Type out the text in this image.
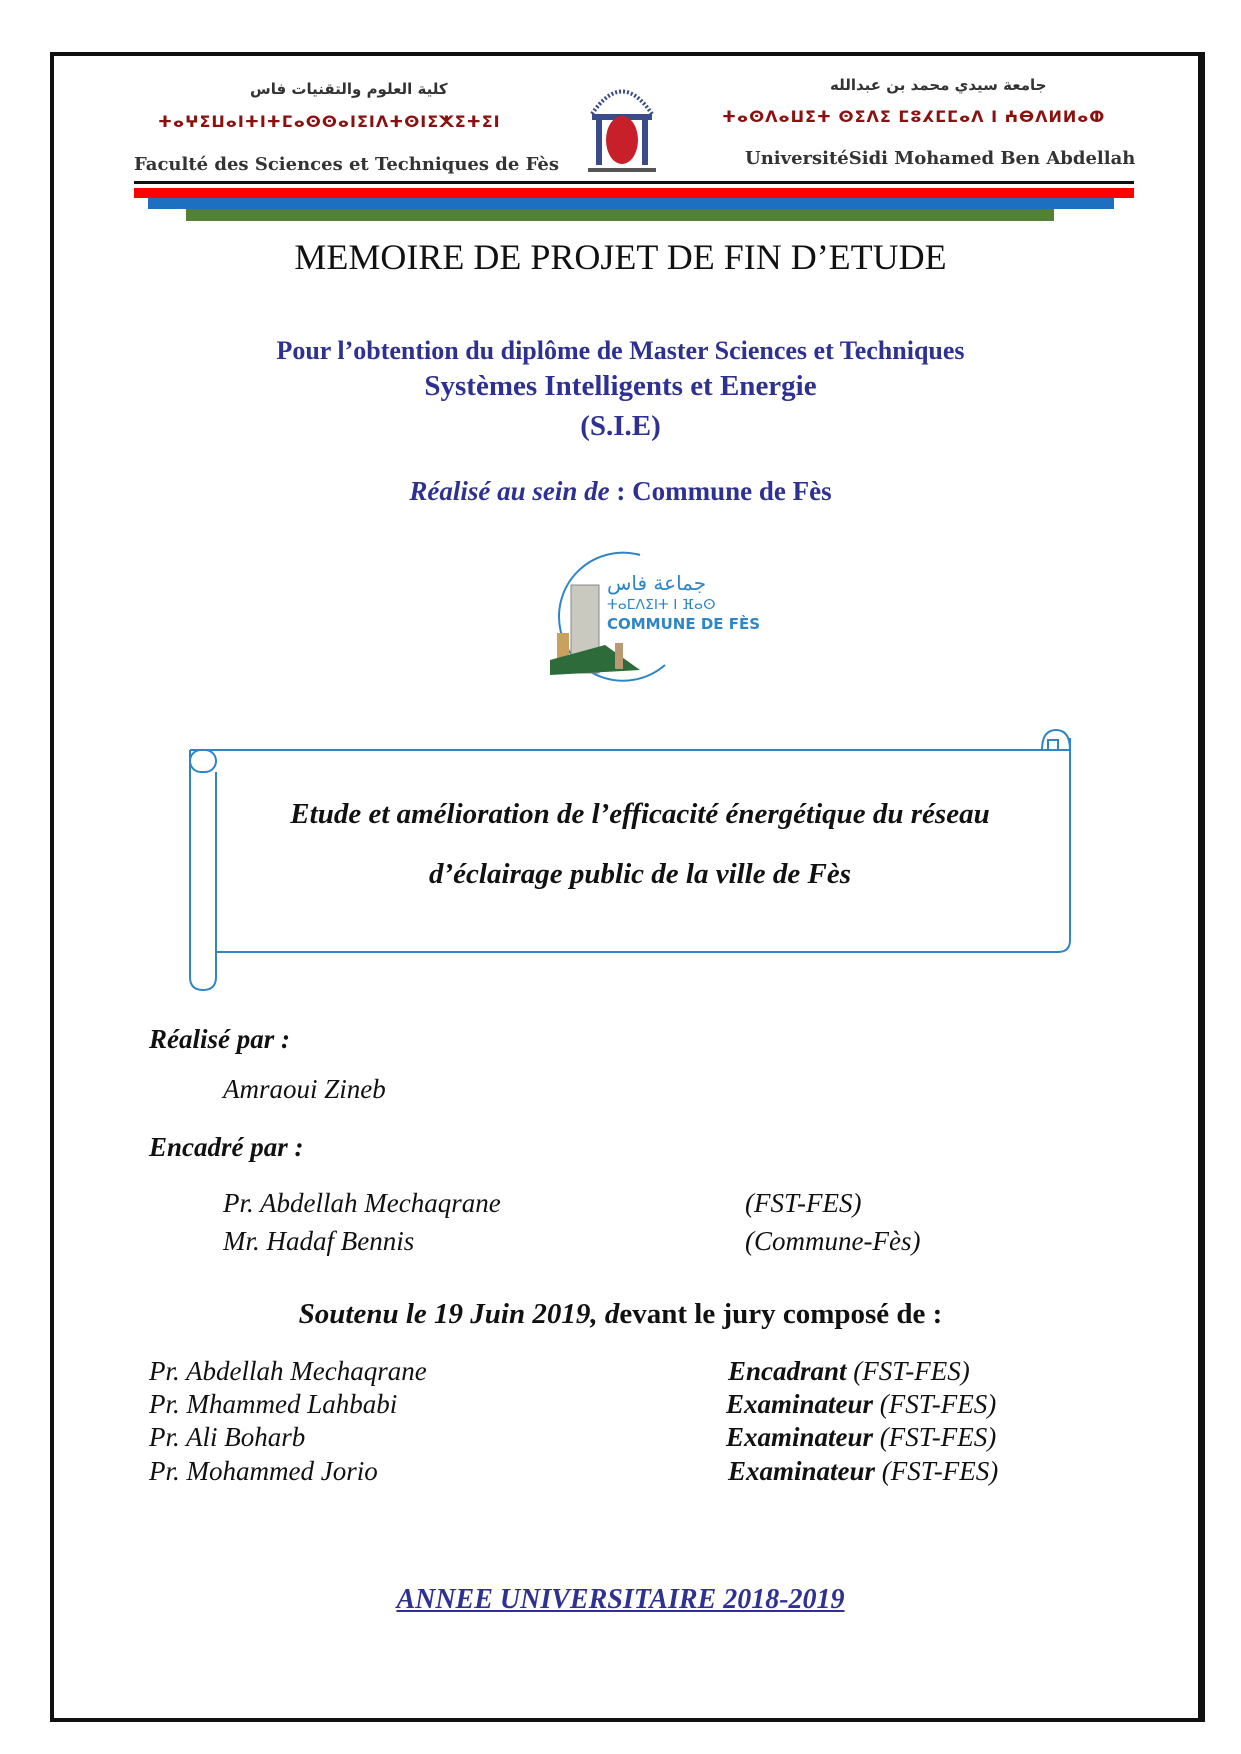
كلية العلوم والتقنيات فاس
ⵜⴰⵖⵉⵡⴰⵏⵜⵏⵜⵎⴰⵙⵙⴰⵏⵉⵏⴷⵜⵙⵏⵉⵅⵉⵜⵉⵏ
Faculté des Sciences et Techniques de Fès
جامعة سيدي محمد بن عبدالله
ⵜⴰⵙⴷⴰⵡⵉⵜ ⵙⵉⴷⵉ ⵎⵓⵃⵎⵎⴰⴷ ⵏ ⵄⴱⴷⵍⵍⴰⵀ
UniversitéSidi Mohamed Ben Abdellah
MEMOIRE DE PROJET DE FIN D’ETUDE
Pour l’obtention du diplôme de Master Sciences et Techniques
Systèmes Intelligents et Energie
(S.I.E)
Réalisé au sein de : Commune de Fès
جماعة فاس
ⵜⴰⵎⴷⵉⵏⵜ ⵏ ⴼⴰⵙ
COMMUNE DE FÈS
Etude et amélioration de l’efficacité énergétique du réseau
d’éclairage public de la ville de Fès
Réalisé par :
Amraoui Zineb
Encadré par :
Pr. Abdellah Mechaqrane	(FST-FES)
Mr. Hadaf Bennis	(Commune-Fès)
Soutenu le 19 Juin 2019, devant le jury composé de :
Pr. Abdellah Mechaqrane	Encadrant (FST-FES)
Pr. Mhammed Lahbabi	Examinateur (FST-FES)
Pr. Ali Boharb	Examinateur (FST-FES)
Pr. Mohammed Jorio	Examinateur (FST-FES)
ANNEE UNIVERSITAIRE 2018-2019
